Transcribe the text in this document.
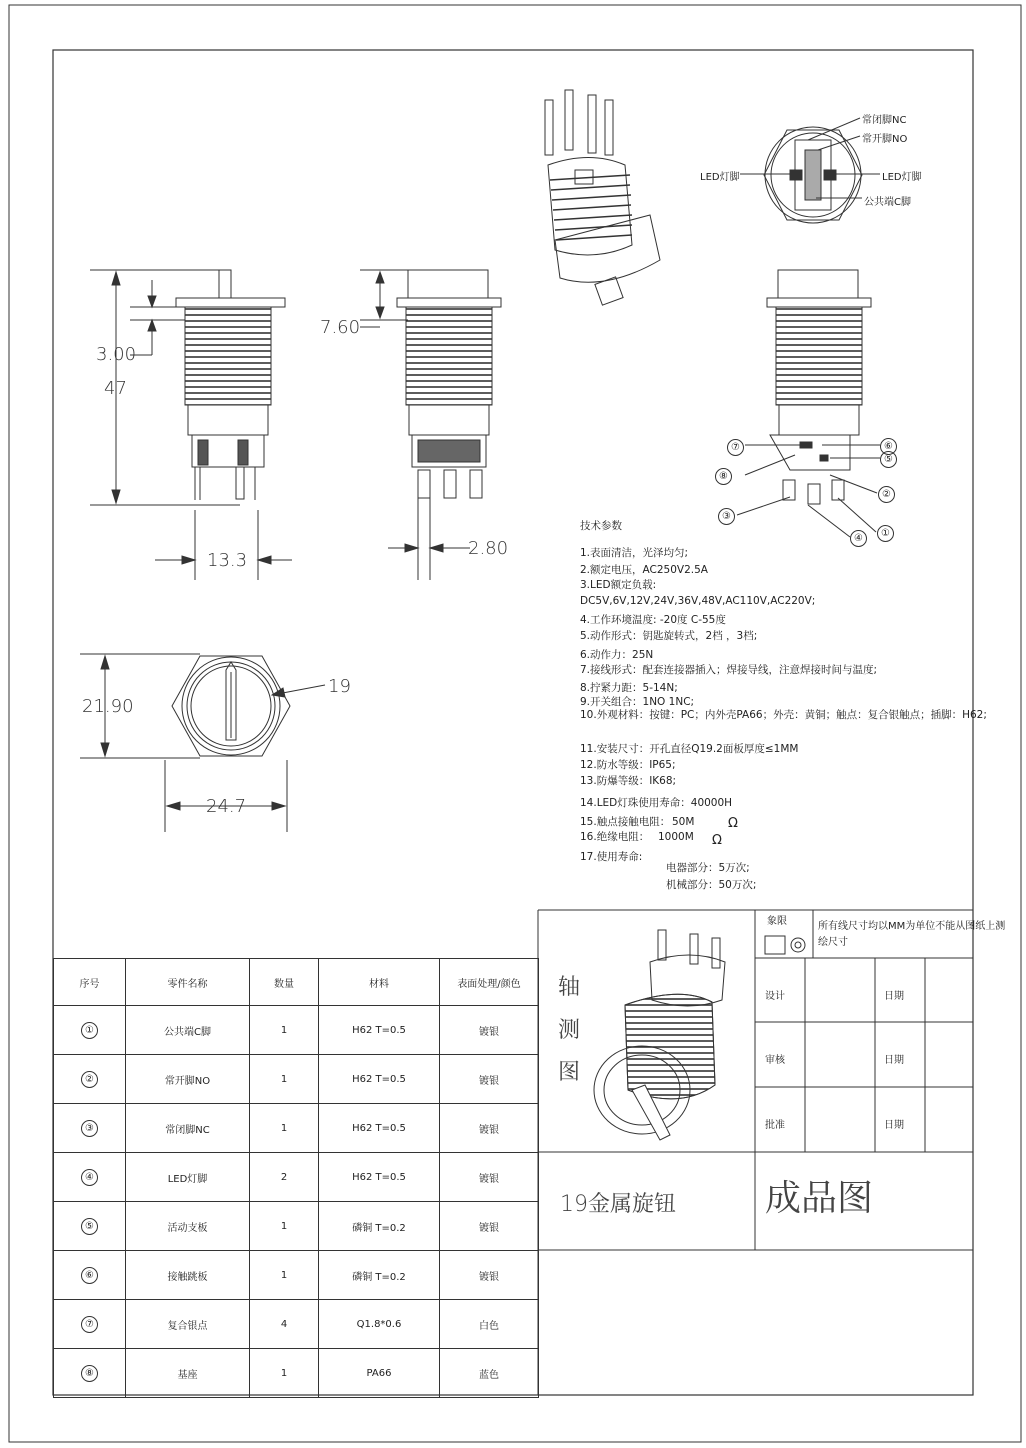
3.00
47
7.60
13.3
2.80
21.90
24.7
19
常闭脚NC
常开脚NO
LED灯脚	LED灯脚
公共端C脚
⑦
⑧
③
⑥
⑤
②
①
④
技术参数
1.表面清洁，光泽均匀;
2.额定电压，AC250V2.5A
3.LED额定负载:
DC5V,6V,12V,24V,36V,48V,AC110V,AC220V;
4.工作环境温度: -20度 C-55度
5.动作形式：钥匙旋转式，2档 ，3档;
6.动作力：25N
7.接线形式：配套连接器插入；焊接导线，注意焊接时间与温度;
8.拧紧力距：5-14N;
9.开关组合：1NO 1NC;
10.外观材料：按键：PC；内外壳PA66；外壳：黄铜；触点：复合银触点；插脚：H62;
11.安装尺寸：开孔直径Q19.2面板厚度≤1MM
12.防水等级：IP65;
13.防爆等级：IK68;
14.LED灯珠使用寿命：40000H
15.触点接触电阻： 50M	Ω
16.绝缘电阻： 1000M Ω
17.使用寿命:
电器部分：5万次;
机械部分：50万次;
序号	零件名称	数量	材料	表面处理/颜色
①	公共端C脚	1	H62 T=0.5	镀银
②	常开脚NO	1	H62 T=0.5	镀银
③	常闭脚NC	1	H62 T=0.5	镀银
④	LED灯脚	2	H62 T=0.5	镀银
⑤	活动支板	1	磷铜 T=0.2	镀银
⑥	接触跳板	1	磷铜 T=0.2	镀银
⑦	复合银点	4	Q1.8*0.6	白色
⑧	基座	1	PA66	蓝色
轴
测
图
象限	所有线尺寸均以MM为单位不能从图纸上测
绘尺寸
设计	日期
审核	日期
批准	日期
19金属旋钮 成品图
